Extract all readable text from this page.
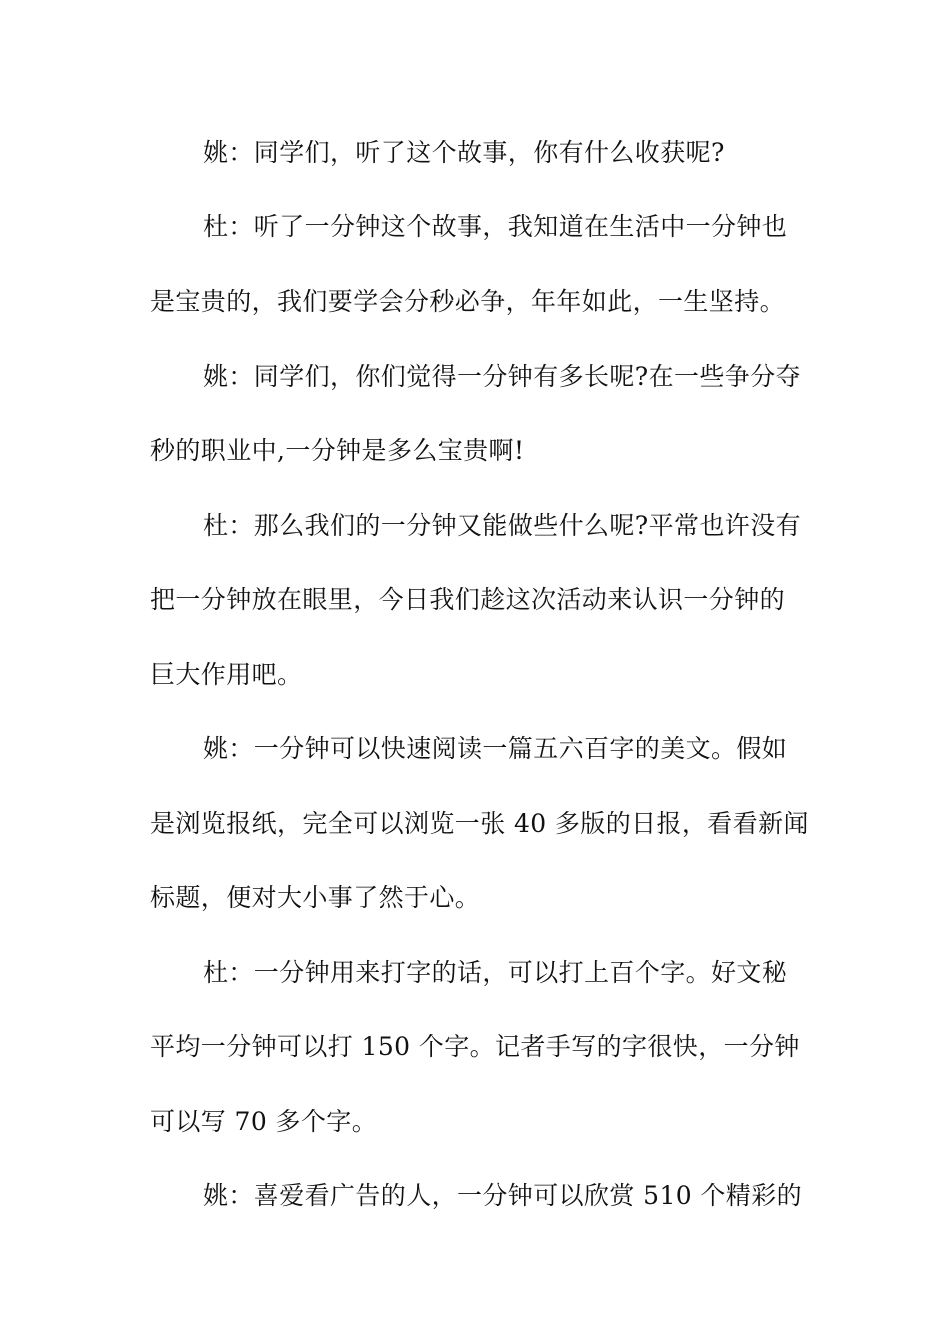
姚：同学们，听了这个故事，你有什么收获呢?
杜：听了一分钟这个故事，我知道在生活中一分钟也
是宝贵的，我们要学会分秒必争，年年如此，一生坚持。
姚：同学们，你们觉得一分钟有多长呢?在一些争分夺
秒的职业中,一分钟是多么宝贵啊!
杜：那么我们的一分钟又能做些什么呢?平常也许没有
把一分钟放在眼里，今日我们趁这次活动来认识一分钟的
巨大作用吧。
姚：一分钟可以快速阅读一篇五六百字的美文。假如
是浏览报纸，完全可以浏览一张 40 多版的日报，看看新闻
标题，便对大小事了然于心。
杜：一分钟用来打字的话，可以打上百个字。好文秘
平均一分钟可以打 150 个字。记者手写的字很快，一分钟
可以写 70 多个字。
姚：喜爱看广告的人，一分钟可以欣赏 510 个精彩的
